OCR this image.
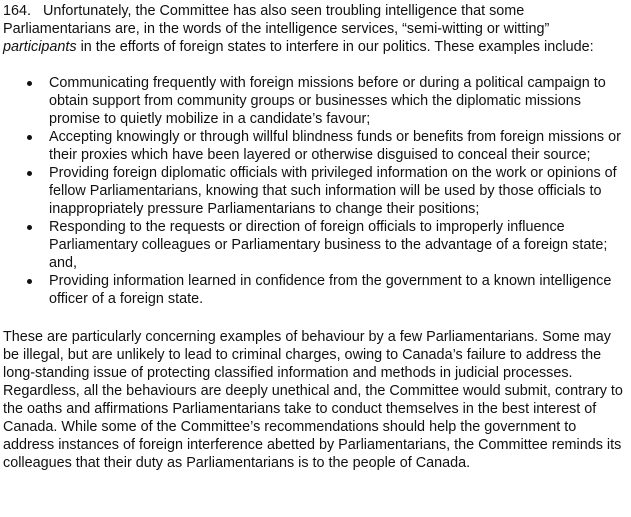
164. Unfortunately, the Committee has also seen troubling intelligence that some Parliamentarians are, in the words of the intelligence services, “semi-witting or witting”
participants in the efforts of foreign states to interfere in our politics. These examples include:

Communicating frequently with foreign missions before or during a political campaign to obtain support from community groups or businesses which the diplomatic missions promise to quietly mobilize in a candidate’s favour;
Accepting knowingly or through willful blindness funds or benefits from foreign missions or their proxies which have been layered or otherwise disguised to conceal their source;
Providing foreign diplomatic officials with privileged information on the work or opinions of fellow Parliamentarians, knowing that such information will be used by those officials to inappropriately pressure Parliamentarians to change their positions;
Responding to the requests or direction of foreign officials to improperly influence Parliamentary colleagues or Parliamentary business to the advantage of a foreign state; and,
Providing information learned in confidence from the government to a known intelligence officer of a foreign state.

These are particularly concerning examples of behaviour by a few Parliamentarians. Some may be illegal, but are unlikely to lead to criminal charges, owing to Canada’s failure to address the long-standing issue of protecting classified information and methods in judicial processes. Regardless, all the behaviours are deeply unethical and, the Committee would submit, contrary to the oaths and affirmations Parliamentarians take to conduct themselves in the best interest of Canada. While some of the Committee’s recommendations should help the government to address instances of foreign interference abetted by Parliamentarians, the Committee reminds its colleagues that their duty as Parliamentarians is to the people of Canada.
